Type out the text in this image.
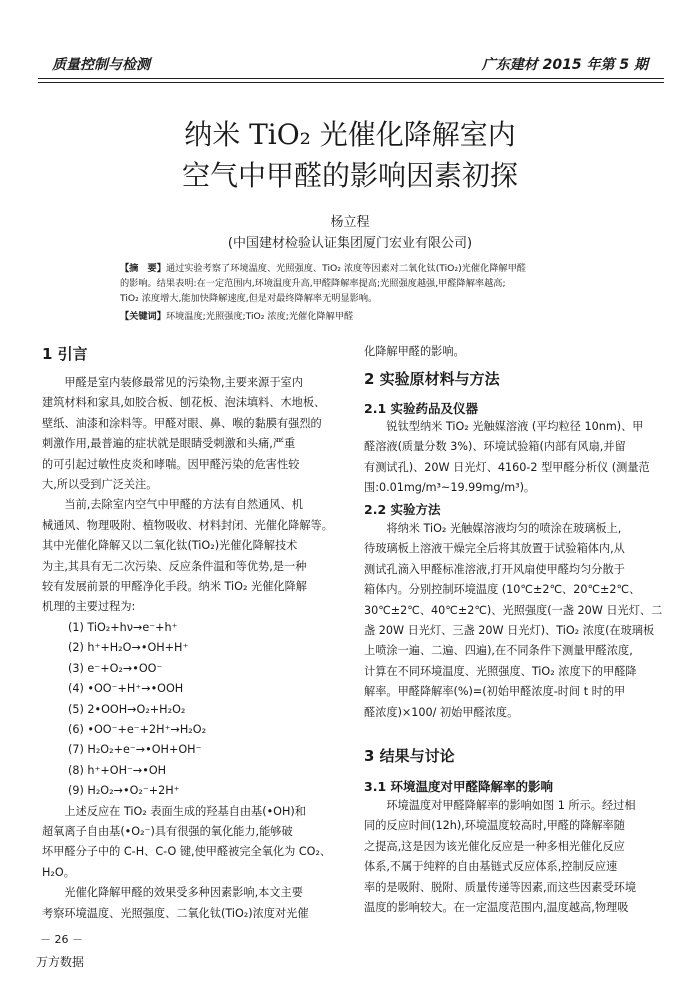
质量控制与检测	广东建材 2015 年第 5 期
纳米 TiO₂ 光催化降解室内
空气中甲醛的影响因素初探
杨立程
(中国建材检验认证集团厦门宏业有限公司)
【摘　要】通过实验考察了环境温度、光照强度、TiO₂ 浓度等因素对二氧化钛(TiO₂)光催化降解甲醛
的影响。结果表明:在一定范围内,环境温度升高,甲醛降解率提高;光照强度越强,甲醛降解率越高;
TiO₂ 浓度增大,能加快降解速度,但是对最终降解率无明显影响。
【关键词】环境温度;光照强度;TiO₂ 浓度;光催化降解甲醛
1 引言

甲醛是室内装修最常见的污染物,主要来源于室内

建筑材料和家具,如胶合板、刨花板、泡沫填料、木地板、

壁纸、油漆和涂料等。甲醛对眼、鼻、喉的黏膜有强烈的

刺激作用,最普遍的症状就是眼睛受刺激和头痛,严重

的可引起过敏性皮炎和哮喘。因甲醛污染的危害性较

大,所以受到广泛关注。

当前,去除室内空气中甲醛的方法有自然通风、机

械通风、物理吸附、植物吸收、材料封闭、光催化降解等。

其中光催化降解又以二氧化钛(TiO₂)光催化降解技术

为主,其具有无二次污染、反应条件温和等优势,是一种

较有发展前景的甲醛净化手段。纳米 TiO₂ 光催化降解

机理的主要过程为:

(1) TiO₂+hν→e⁻+h⁺

(2) h⁺+H₂O→•OH+H⁺

(3) e⁻+O₂→•OO⁻

(4) •OO⁻+H⁺→•OOH

(5) 2•OOH→O₂+H₂O₂

(6) •OO⁻+e⁻+2H⁺→H₂O₂

(7) H₂O₂+e⁻→•OH+OH⁻

(8) h⁺+OH⁻→•OH

(9) H₂O₂→•O₂⁻+2H⁺

上述反应在 TiO₂ 表面生成的羟基自由基(•OH)和

超氧离子自由基(•O₂⁻)具有很强的氧化能力,能够破

坏甲醛分子中的 C-H、C-O 键,使甲醛被完全氧化为 CO₂、

H₂O。

光催化降解甲醛的效果受多种因素影响,本文主要

考察环境温度、光照强度、二氧化钛(TiO₂)浓度对光催

化降解甲醛的影响。

2 实验原材料与方法
2.1 实验药品及仪器

锐钛型纳米 TiO₂ 光触媒溶液 (平均粒径 10nm)、甲

醛溶液(质量分数 3%)、环境试验箱(内部有风扇,并留

有测试孔)、20W 日光灯、4160-2 型甲醛分析仪 (测量范

围:0.01mg/m³~19.99mg/m³)。

2.2 实验方法

将纳米 TiO₂ 光触媒溶液均匀的喷涂在玻璃板上,

待玻璃板上溶液干燥完全后将其放置于试验箱体内,从

测试孔滴入甲醛标准溶液,打开风扇使甲醛均匀分散于

箱体内。分别控制环境温度 (10℃±2℃、20℃±2℃、

30℃±2℃、40℃±2℃)、光照强度(一盏 20W 日光灯、二

盏 20W 日光灯、三盏 20W 日光灯)、TiO₂ 浓度(在玻璃板

上喷涂一遍、二遍、四遍),在不同条件下测量甲醛浓度,

计算在不同环境温度、光照强度、TiO₂ 浓度下的甲醛降

解率。甲醛降解率(%)=(初始甲醛浓度-时间 t 时的甲

醛浓度)×100/ 初始甲醛浓度。

3 结果与讨论
3.1 环境温度对甲醛降解率的影响

环境温度对甲醛降解率的影响如图 1 所示。经过相

同的反应时间(12h),环境温度较高时,甲醛的降解率随

之提高,这是因为该光催化反应是一种多相光催化反应

体系,不属于纯粹的自由基链式反应体系,控制反应速

率的是吸附、脱附、质量传递等因素,而这些因素受环境

温度的影响较大。在一定温度范围内,温度越高,物理吸

－ 26 －
万方数据
